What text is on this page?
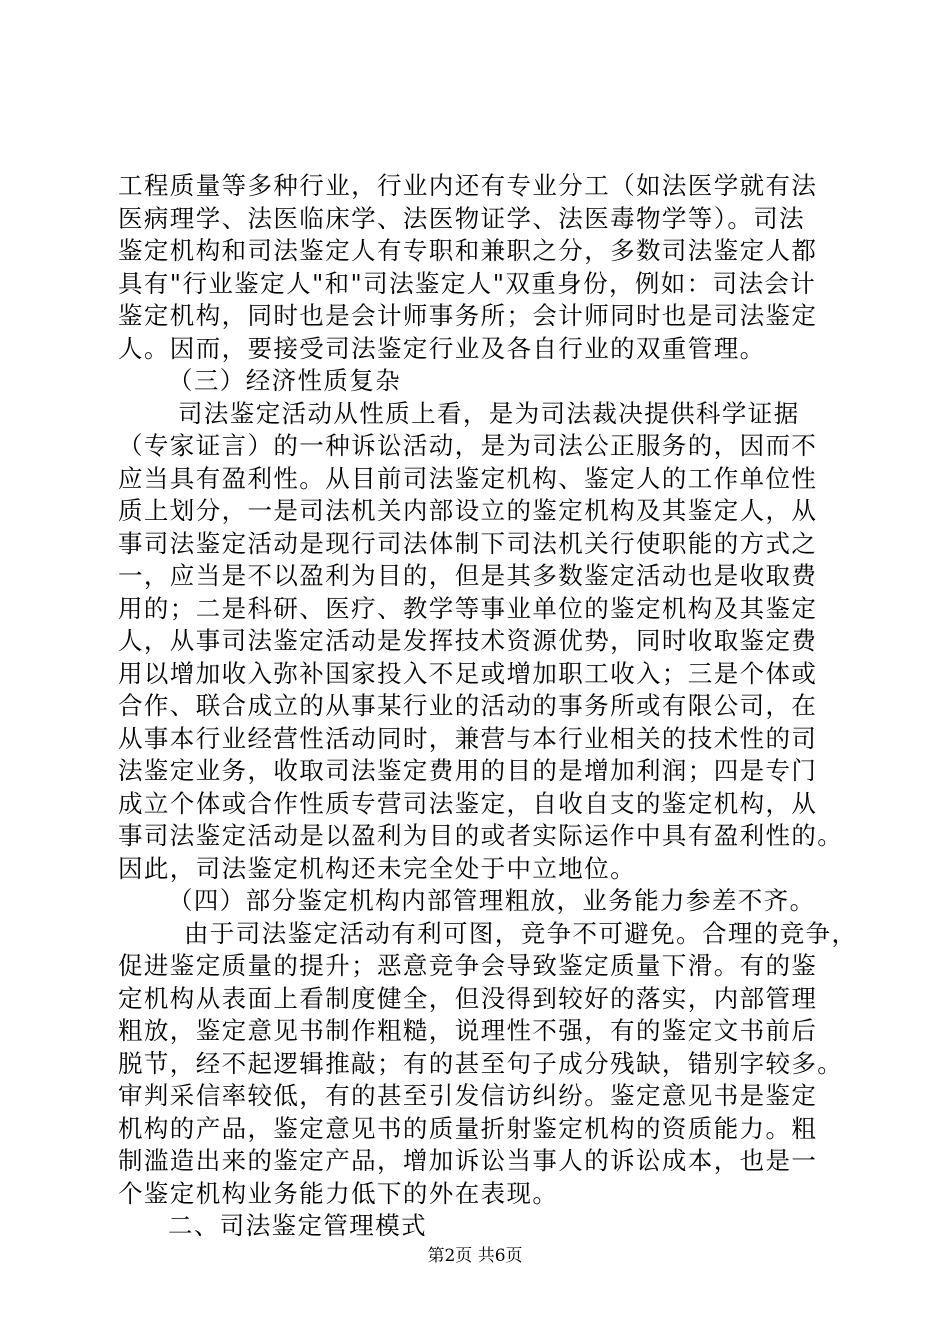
工程质量等多种行业，行业内还有专业分工（如法医学就有法
医病理学、法医临床学、法医物证学、法医毒物学等）。司法
鉴定机构和司法鉴定人有专职和兼职之分，多数司法鉴定人都
具有"行业鉴定人"和"司法鉴定人"双重身份，例如：司法会计
鉴定机构，同时也是会计师事务所；会计师同时也是司法鉴定
人。因而，要接受司法鉴定行业及各自行业的双重管理。
（三）经济性质复杂
司法鉴定活动从性质上看，是为司法裁决提供科学证据
（专家证言）的一种诉讼活动，是为司法公正服务的，因而不
应当具有盈利性。从目前司法鉴定机构、鉴定人的工作单位性
质上划分，一是司法机关内部设立的鉴定机构及其鉴定人，从
事司法鉴定活动是现行司法体制下司法机关行使职能的方式之
一，应当是不以盈利为目的，但是其多数鉴定活动也是收取费
用的；二是科研、医疗、教学等事业单位的鉴定机构及其鉴定
人，从事司法鉴定活动是发挥技术资源优势，同时收取鉴定费
用以增加收入弥补国家投入不足或增加职工收入；三是个体或
合作、联合成立的从事某行业的活动的事务所或有限公司，在
从事本行业经营性活动同时，兼营与本行业相关的技术性的司
法鉴定业务，收取司法鉴定费用的目的是增加利润；四是专门
成立个体或合作性质专营司法鉴定，自收自支的鉴定机构，从
事司法鉴定活动是以盈利为目的或者实际运作中具有盈利性的。
因此，司法鉴定机构还未完全处于中立地位。
（四）部分鉴定机构内部管理粗放，业务能力参差不齐。
由于司法鉴定活动有利可图，竞争不可避免。合理的竞争，
促进鉴定质量的提升；恶意竞争会导致鉴定质量下滑。有的鉴
定机构从表面上看制度健全，但没得到较好的落实，内部管理
粗放，鉴定意见书制作粗糙，说理性不强，有的鉴定文书前后
脱节，经不起逻辑推敲；有的甚至句子成分残缺，错别字较多。
审判采信率较低，有的甚至引发信访纠纷。鉴定意见书是鉴定
机构的产品，鉴定意见书的质量折射鉴定机构的资质能力。粗
制滥造出来的鉴定产品，增加诉讼当事人的诉讼成本，也是一
个鉴定机构业务能力低下的外在表现。
二、司法鉴定管理模式
第2页 共6页
